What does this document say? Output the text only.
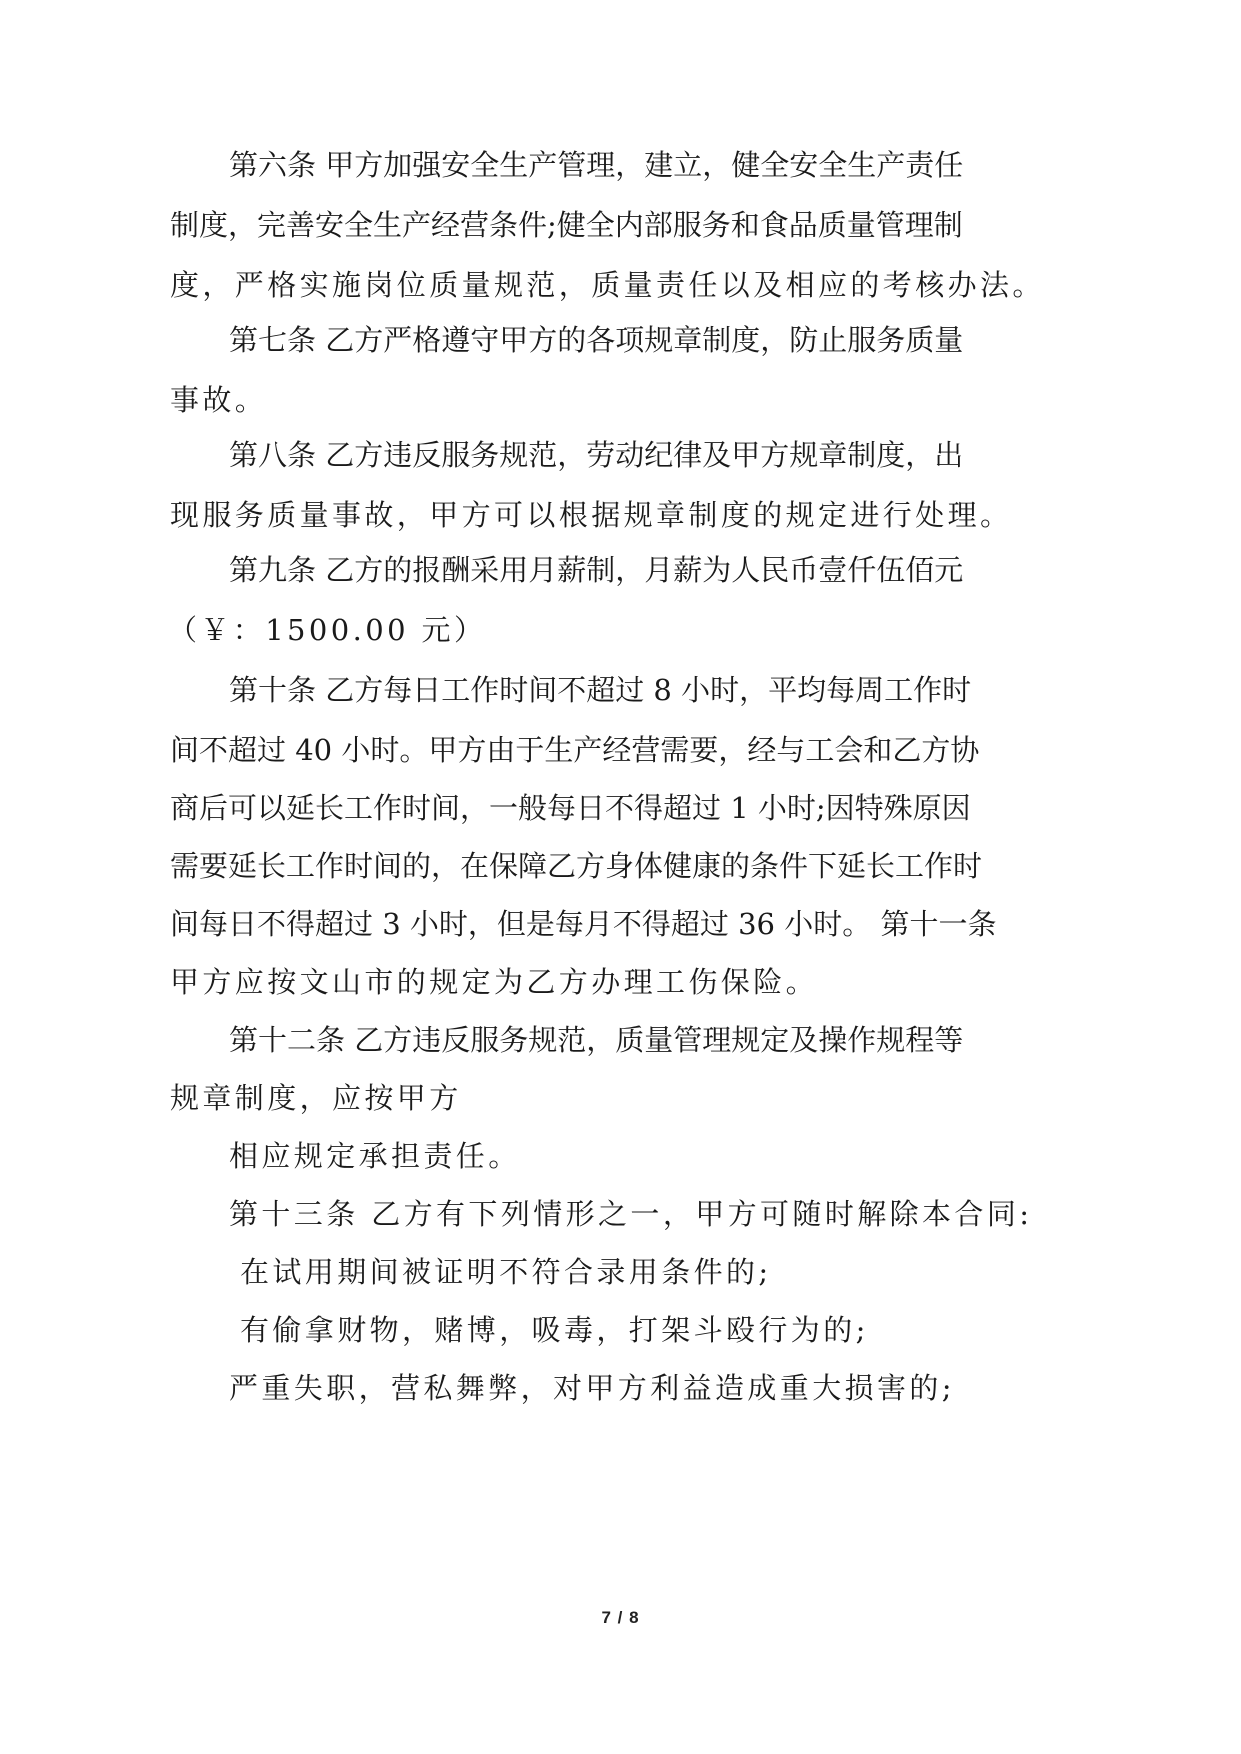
第六条 甲方加强安全生产管理，建立，健全安全生产责任

制度，完善安全生产经营条件;健全内部服务和食品质量管理制

度，严格实施岗位质量规范，质量责任以及相应的考核办法。

第七条 乙方严格遵守甲方的各项规章制度，防止服务质量

事故。

第八条 乙方违反服务规范，劳动纪律及甲方规章制度，出

现服务质量事故，甲方可以根据规章制度的规定进行处理。

第九条 乙方的报酬采用月薪制，月薪为人民币壹仟伍佰元

（￥：1500.00 元）

第十条 乙方每日工作时间不超过 8 小时，平均每周工作时

间不超过 40 小时。甲方由于生产经营需要，经与工会和乙方协

商后可以延长工作时间，一般每日不得超过 1 小时;因特殊原因

需要延长工作时间的，在保障乙方身体健康的条件下延长工作时

间每日不得超过 3 小时，但是每月不得超过 36 小时。 第十一条

甲方应按文山市的规定为乙方办理工伤保险。

第十二条 乙方违反服务规范，质量管理规定及操作规程等

规章制度，应按甲方

相应规定承担责任。

第十三条 乙方有下列情形之一，甲方可随时解除本合同:

在试用期间被证明不符合录用条件的;

有偷拿财物，赌博，吸毒，打架斗殴行为的;

严重失职，营私舞弊，对甲方利益造成重大损害的;

7 / 8
